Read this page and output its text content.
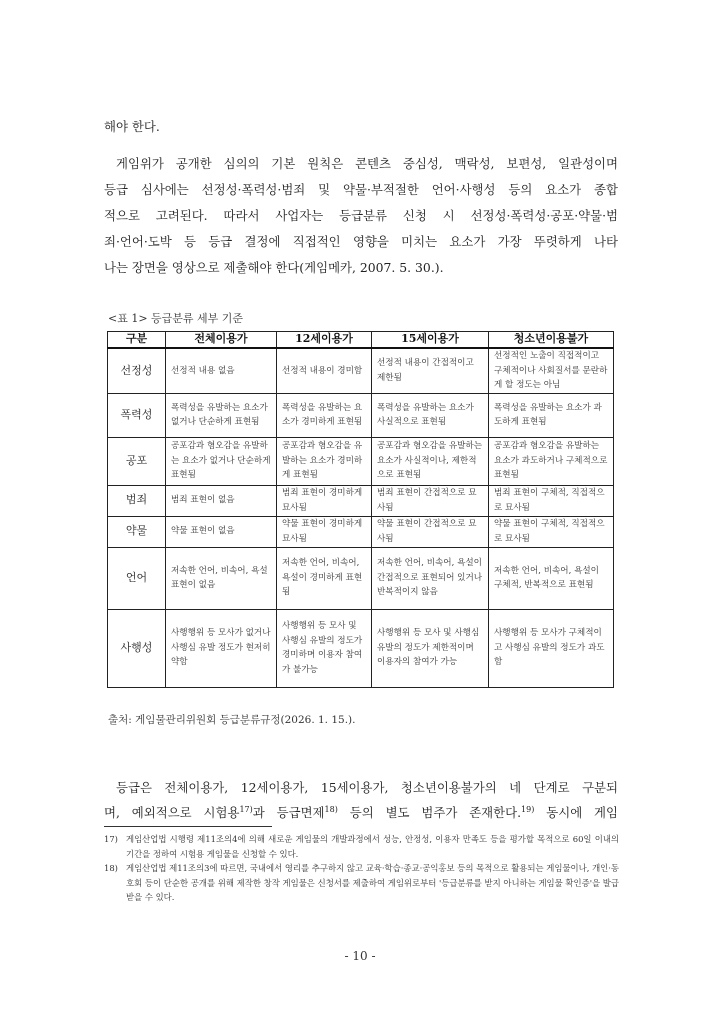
해야 한다.
게임위가 공개한 심의의 기본 원칙은 콘텐츠 중심성, 맥락성, 보편성, 일관성이며
등급 심사에는 선정성·폭력성·범죄 및 약물·부적절한 언어·사행성 등의 요소가 종합
적으로 고려된다. 따라서 사업자는 등급분류 신청 시 선정성·폭력성·공포·약물·범
죄·언어·도박 등 등급 결정에 직접적인 영향을 미치는 요소가 가장 뚜렷하게 나타
나는 장면을 영상으로 제출해야 한다(게임메카, 2007. 5. 30.).
<표 1> 등급분류 세부 기준
구분	전체이용가	12세이용가	15세이용가	청소년이용불가
선정성	선정적 내용 없음	선정적 내용이 경미함	선정적 내용이 간접적이고 제한됨	선정적인 노출이 직접적이고 구체적이나 사회질서를 문란하게 할 정도는 아님
폭력성	폭력성을 유발하는 요소가 없거나 단순하게 표현됨	폭력성을 유발하는 요소가 경미하게 표현됨	폭력성을 유발하는 요소가 사실적으로 표현됨	폭력성을 유발하는 요소가 과도하게 표현됨
공포	공포감과 혐오감을 유발하는 요소가 없거나 단순하게 표현됨	공포감과 혐오감을 유발하는 요소가 경미하게 표현됨	공포감과 혐오감을 유발하는 요소가 사실적이나, 제한적으로 표현됨	공포감과 혐오감을 유발하는 요소가 과도하거나 구체적으로 표현됨
범죄	범죄 표현이 없음	범죄 표현이 경미하게 묘사됨	범죄 표현이 간접적으로 묘사됨	범죄 표현이 구체적, 직접적으로 묘사됨
약물	약물 표현이 없음	약물 표현이 경미하게 묘사됨	약물 표현이 간접적으로 묘사됨	약물 표현이 구체적, 직접적으로 묘사됨
언어	저속한 언어, 비속어, 욕설 표현이 없음	저속한 언어, 비속어, 욕설이 경미하게 표현됨	저속한 언어, 비속어, 욕설이 간접적으로 표현되어 있거나 반복적이지 않음	저속한 언어, 비속어, 욕설이 구체적, 반복적으로 표현됨
사행성	사행행위 등 모사가 없거나 사행심 유발 정도가 현저히 약함	사행행위 등 모사 및 사행심 유발의 정도가 경미하며 이용자 참여가 불가능	사행행위 등 모사 및 사행심 유발의 정도가 제한적이며 이용자의 참여가 가능	사행행위 등 모사가 구체적이고 사행심 유발의 정도가 과도함
출처: 게임물관리위원회 등급분류규정(2026. 1. 15.).
등급은 전체이용가, 12세이용가, 15세이용가, 청소년이용불가의 네 단계로 구분되
며, 예외적으로 시험용$^{17)}$과 등급면제$^{18)}$ 등의 별도 범주가 존재한다.$^{19)}$ 동시에 게임
17) 게임산업법 시행령 제11조의4에 의해 새로운 게임물의 개발과정에서 성능, 안정성, 이용자 만족도 등을 평가할 목적으로 60일 이내의 기간을 정하여 시험용 게임물을 신청할 수 있다.
18) 게임산업법 제11조의3에 따르면, 국내에서 영리를 추구하지 않고 교육·학습·종교·공익홍보 등의 목적으로 활용되는 게임물이나, 개인·동호회 등이 단순한 공개를 위해 제작한 창작 게임물은 신청서를 제출하여 게임위로부터 '등급분류를 받지 아니하는 게임물 확인증'을 발급받을 수 있다.
- 10 -
